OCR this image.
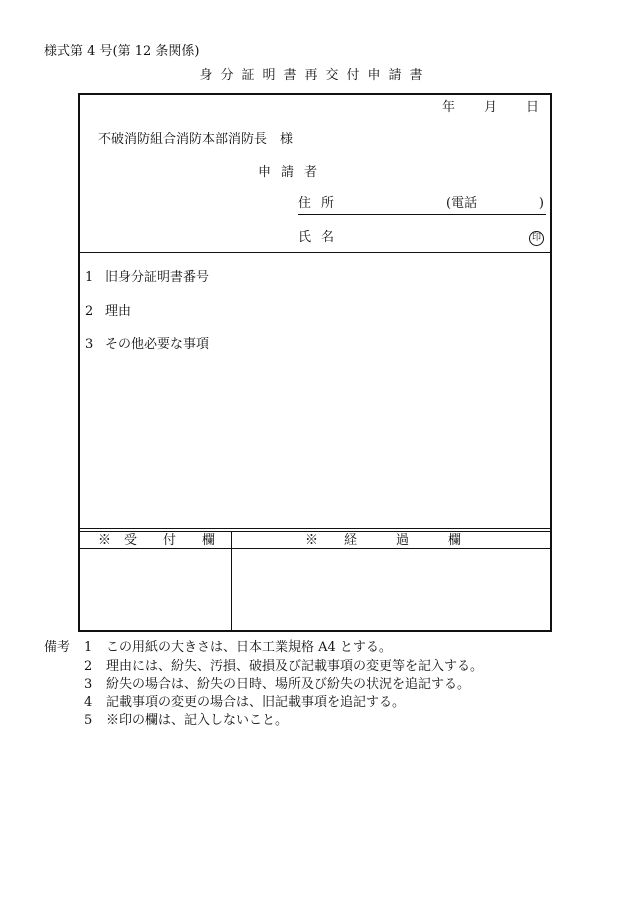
様式第 4 号(第 12 条関係)
身分証明書再交付申請書
年 月 日
不破消防組合消防本部消防長　様
申請者
住所	(電話	)
氏名	印
1 旧身分証明書番号
2 理由
3 その他必要な事項
※　受　　付　　欄	※　　経　　　過　　　欄
備考 1 この用紙の大きさは、日本工業規格 A4 とする。
2 理由には、紛失、汚損、破損及び記載事項の変更等を記入する。
3 紛失の場合は、紛失の日時、場所及び紛失の状況を追記する。
4 記載事項の変更の場合は、旧記載事項を追記する。
5 ※印の欄は、記入しないこと。
